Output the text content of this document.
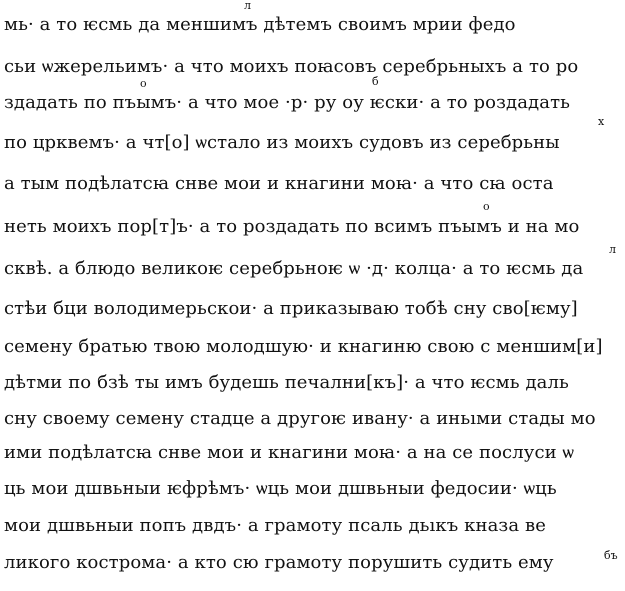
л
мь· а то ѥсмь да меншимъ дѣтемъ своимъ мрии федо
сьи ѡжерельимъ· а что моихъ поꙗсовъ серебрьныхъ а то ро
о	б
здадать по пъымъ· а что мое ·р· ру оу ѥски· а то роздадать
х
по црквемъ· а чт[о] ѡстало из моихъ судовъ из серебрьны
а тым подѣлатсꙗ снве мои и кнагини моꙗ· а что сꙗ оста
о
неть моихъ пор[т]ъ· а то роздадать по всимъ пъымъ и на мо
л
сквѣ. а блюдо великоѥ серебрьноѥ ѡ ·д· колца· а то ѥсмь да
стѣи бци володимерьскои· а приказываю тобѣ сну сво[ѥму]
семену братью твою молодшую· и кнагиню свою с меншим[и]
дѣтми по бзѣ ты имъ будешь печални[къ]· а что ѥсмь даль
сну своему семену стадце а другоѥ ивану· а иньıми стады мо
ими подѣлатсꙗ снве мои и кнагини моꙗ· а на се послуси ѡ
ць мои дшвьныи ѥфрѣмъ· ѡць мои дшвьныи федосии· ѡць
мои дшвьныи попъ двдъ· а грамоту псаль дьıкъ кназа ве
бъ
ликого кострома· а кто сю грамоту порушить судить ему
